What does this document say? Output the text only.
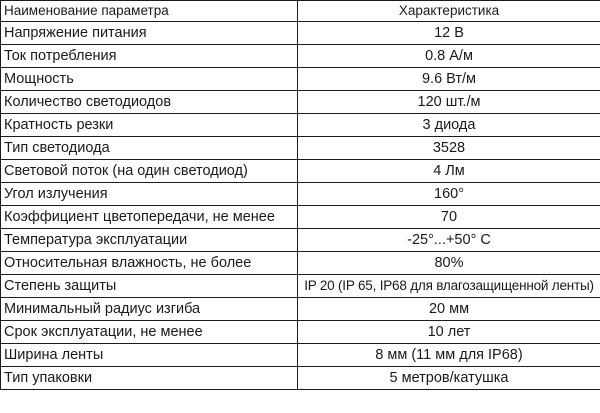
Наименование параметра	Характеристика
Напряжение питания	12 В
Ток потребления	0.8 А/м
Мощность	9.6 Вт/м
Количество светодиодов	120 шт./м
Кратность резки	3 диода
Тип светодиода	3528
Световой поток (на один светодиод)	4 Лм
Угол излучения	160°
Коэффициент цветопередачи, не менее	70
Температура эксплуатации	-25°...+50° С
Относительная влажность, не более	80%
Степень защиты	IP 20 (IP 65, IP68 для влагозащищенной ленты)
Минимальный радиус изгиба	20 мм
Срок эксплуатации, не менее	10 лет
Ширина ленты	8 мм (11 мм для IP68)
Тип упаковки	5 метров/катушка
